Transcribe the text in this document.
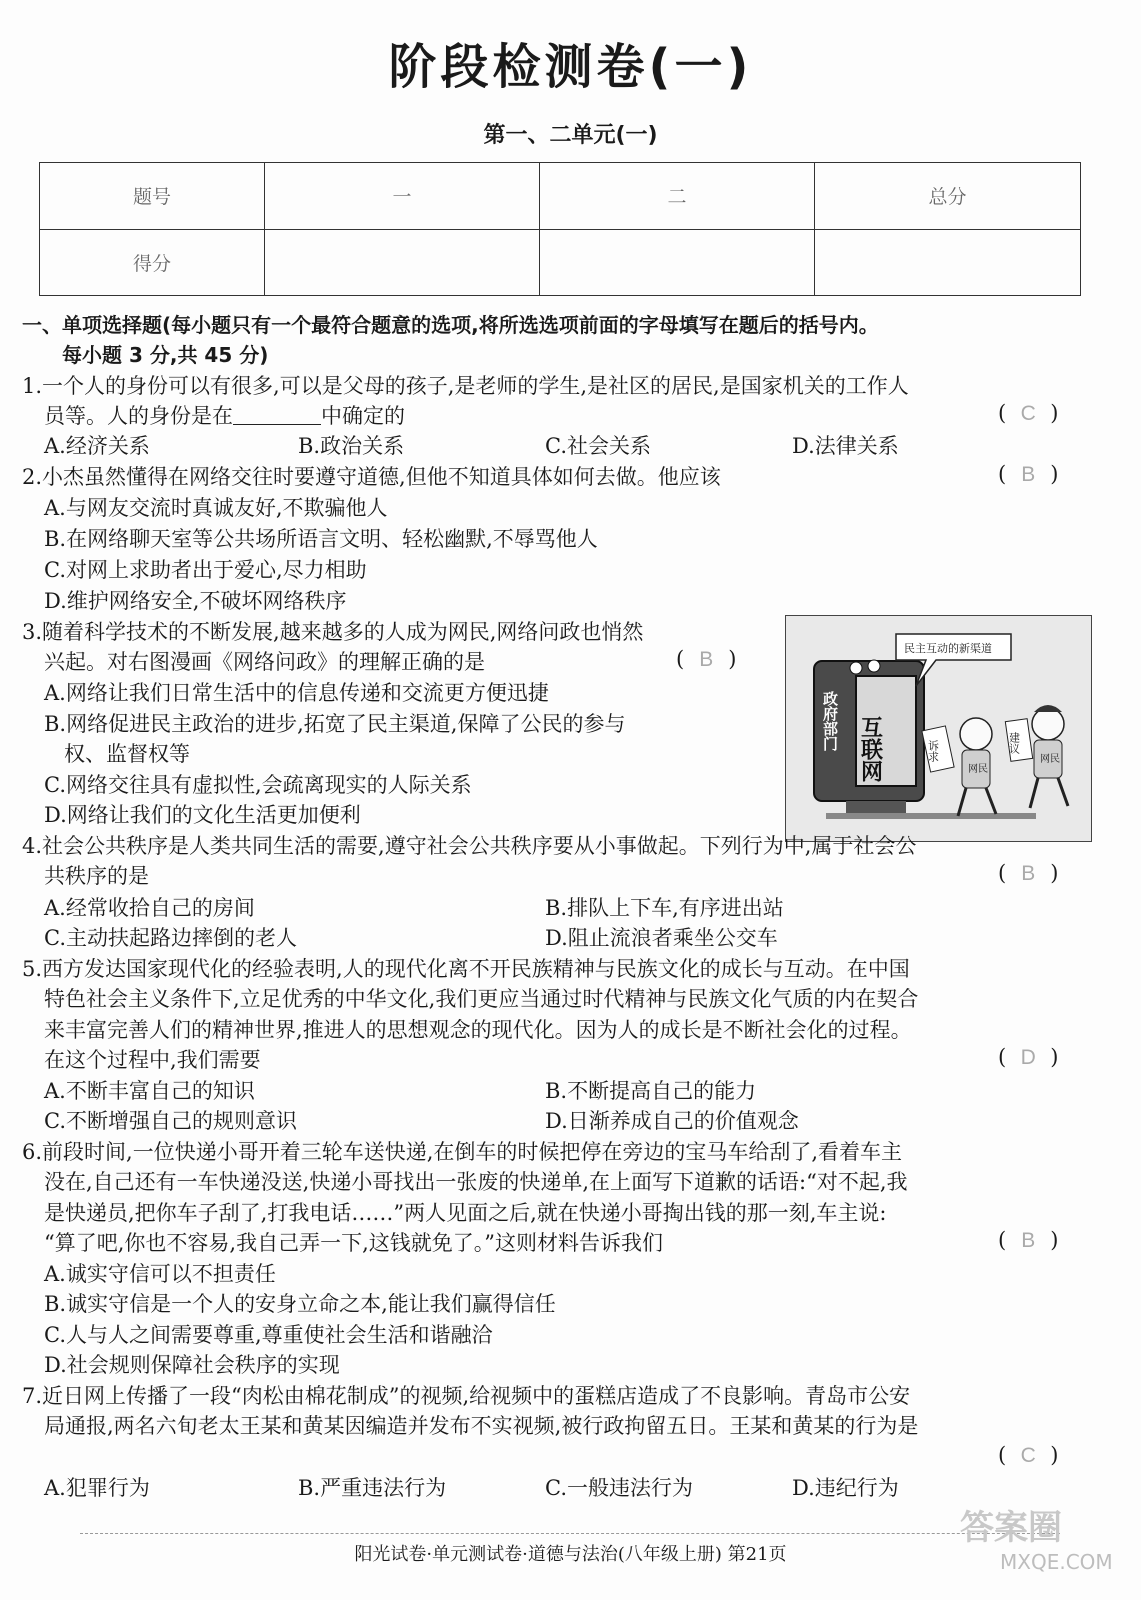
阶段检测卷(一)
第一、二单元(一)
题号	一	二	总分
得分			
一、单项选择题(每小题只有一个最符合题意的选项,将所选选项前面的字母填写在题后的括号内。
每小题 3 分,共 45 分)
1.一个人的身份可以有很多,可以是父母的孩子,是老师的学生,是社区的居民,是国家机关的工作人
员等。人的身份是在	中确定的	( C )
A.经济关系	B.政治关系	C.社会关系	D.法律关系
2.小杰虽然懂得在网络交往时要遵守道德,但他不知道具体如何去做。他应该	( B )
A.与网友交流时真诚友好,不欺骗他人
B.在网络聊天室等公共场所语言文明、轻松幽默,不辱骂他人
C.对网上求助者出于爱心,尽力相助
D.维护网络安全,不破坏网络秩序
3.随着科学技术的不断发展,越来越多的人成为网民,网络问政也悄然
兴起。对右图漫画《网络问政》的理解正确的是	( B )
A.网络让我们日常生活中的信息传递和交流更方便迅捷
B.网络促进民主政治的进步,拓宽了民主渠道,保障了公民的参与
权、监督权等
C.网络交往具有虚拟性,会疏离现实的人际关系
D.网络让我们的文化生活更加便利
互联网
政府部门
民主互动的新渠道
诉求
网民
建议
网民
4.社会公共秩序是人类共同生活的需要,遵守社会公共秩序要从小事做起。下列行为中,属于社会公
共秩序的是	( B )
A.经常收拾自己的房间	B.排队上下车,有序进出站
C.主动扶起路边摔倒的老人	D.阻止流浪者乘坐公交车
5.西方发达国家现代化的经验表明,人的现代化离不开民族精神与民族文化的成长与互动。在中国
特色社会主义条件下,立足优秀的中华文化,我们更应当通过时代精神与民族文化气质的内在契合
来丰富完善人们的精神世界,推进人的思想观念的现代化。因为人的成长是不断社会化的过程。
在这个过程中,我们需要	( D )
A.不断丰富自己的知识	B.不断提高自己的能力
C.不断增强自己的规则意识	D.日渐养成自己的价值观念
6.前段时间,一位快递小哥开着三轮车送快递,在倒车的时候把停在旁边的宝马车给刮了,看着车主
没在,自己还有一车快递没送,快递小哥找出一张废的快递单,在上面写下道歉的话语:“对不起,我
是快递员,把你车子刮了,打我电话……”两人见面之后,就在快递小哥掏出钱的那一刻,车主说:
“算了吧,你也不容易,我自己弄一下,这钱就免了。”这则材料告诉我们	( B )
A.诚实守信可以不担责任
B.诚实守信是一个人的安身立命之本,能让我们赢得信任
C.人与人之间需要尊重,尊重使社会生活和谐融洽
D.社会规则保障社会秩序的实现
7.近日网上传播了一段“肉松由棉花制成”的视频,给视频中的蛋糕店造成了不良影响。青岛市公安
局通报,两名六旬老太王某和黄某因编造并发布不实视频,被行政拘留五日。王某和黄某的行为是
( C )
A.犯罪行为	B.严重违法行为	C.一般违法行为	D.违纪行为
阳光试卷·单元测试卷·道德与法治(八年级上册) 第21页
答案圈
MXQE.COM
